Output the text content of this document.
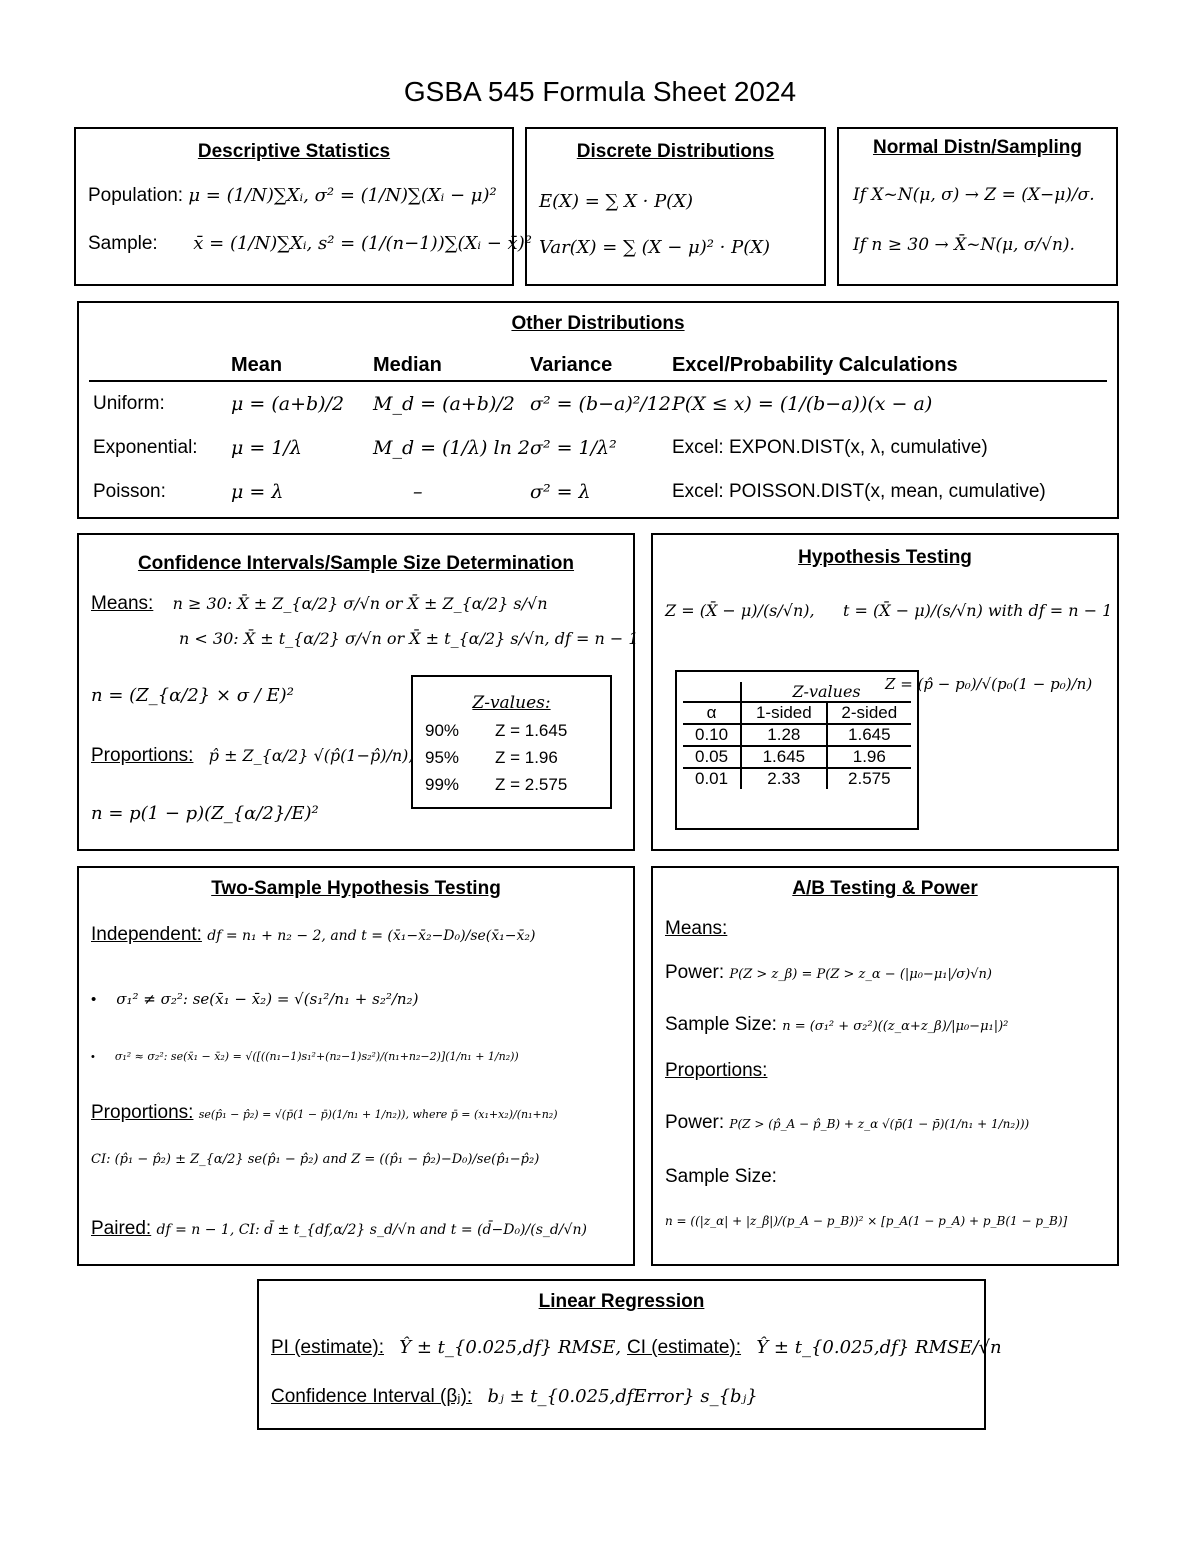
GSBA 545 Formula Sheet 2024
Descriptive Statistics
Population: μ = (1/N)∑Xᵢ, σ² = (1/N)∑(Xᵢ − μ)²
Sample: x̄ = (1/N)∑Xᵢ, s² = (1/(n−1))∑(Xᵢ − x̄)²
Discrete Distributions
E(X) = ∑ X · P(X)
Var(X) = ∑ (X − μ)² · P(X)
Normal Distn/Sampling
If X~N(μ, σ) → Z = (X−μ)/σ.
If n ≥ 30 → X̄~N(μ, σ/√n).
Other Distributions
	Mean	Median	Variance	Excel/Probability Calculations
Uniform:	μ = (a+b)/2	M_d = (a+b)/2	σ² = (b−a)²/12	P(X ≤ x) = (1/(b−a))(x − a)
Exponential:	μ = 1/λ	M_d = (1/λ) ln 2	σ² = 1/λ²	Excel: EXPON.DIST(x, λ, cumulative)
Poisson:	μ = λ	–	σ² = λ	Excel: POISSON.DIST(x, mean, cumulative)
Confidence Intervals/Sample Size Determination
Means: n ≥ 30: X̄ ± Z_{α/2} σ/√n or X̄ ± Z_{α/2} s/√n
n < 30: X̄ ± t_{α/2} σ/√n or X̄ ± t_{α/2} s/√n, df = n − 1
n = (Z_{α/2} × σ / E)²
Proportions: p̂ ± Z_{α/2} √(p̂(1−p̂)/n),
n = p(1 − p)(Z_{α/2}/E)²
Z-values:
90% Z = 1.645
95% Z = 1.96
99% Z = 2.575
Hypothesis Testing
Z = (X̄ − μ)/(s/√n), t = (X̄ − μ)/(s/√n) with df = n − 1
Z = (p̂ − p₀)/√(p₀(1 − p₀)/n)
	Z-values	
α	1-sided	2-sided
0.10	1.28	1.645
0.05	1.645	1.96
0.01	2.33	2.575
Two-Sample Hypothesis Testing
Independent: df = n₁ + n₂ − 2, and t = (x̄₁−x̄₂−D₀)/se(x̄₁−x̄₂)
• σ₁² ≠ σ₂²: se(x̄₁ − x̄₂) = √(s₁²/n₁ + s₂²/n₂)
• σ₁² ≈ σ₂²: se(x̄₁ − x̄₂) = √([((n₁−1)s₁²+(n₂−1)s₂²)/(n₁+n₂−2)](1/n₁ + 1/n₂))
Proportions: se(p̂₁ − p̂₂) = √(p̄(1 − p̄)(1/n₁ + 1/n₂)), where p̄ = (x₁+x₂)/(n₁+n₂)
CI: (p̂₁ − p̂₂) ± Z_{α/2} se(p̂₁ − p̂₂) and Z = ((p̂₁ − p̂₂)−D₀)/se(p̂₁−p̂₂)
Paired: df = n − 1, CI: d̄ ± t_{df,α/2} s_d/√n and t = (d̄−D₀)/(s_d/√n)
A/B Testing & Power
Means:
Power: P(Z > z_β) = P(Z > z_α − (|μ₀−μ₁|/σ)√n)
Sample Size: n = (σ₁² + σ₂²)((z_α+z_β)/|μ₀−μ₁|)²
Proportions:
Power: P(Z > (p̂_A − p̂_B) + z_α √(p̄(1 − p̄)(1/n₁ + 1/n₂)))
Sample Size:
n = ((|z_α| + |z_β|)/(p_A − p_B))² × [p_A(1 − p_A) + p_B(1 − p_B)]
Linear Regression
PI (estimate): Ŷ ± t_{0.025,df} RMSE, CI (estimate): Ŷ ± t_{0.025,df} RMSE/√n
Confidence Interval (βⱼ): bⱼ ± t_{0.025,dfError} s_{bⱼ}
